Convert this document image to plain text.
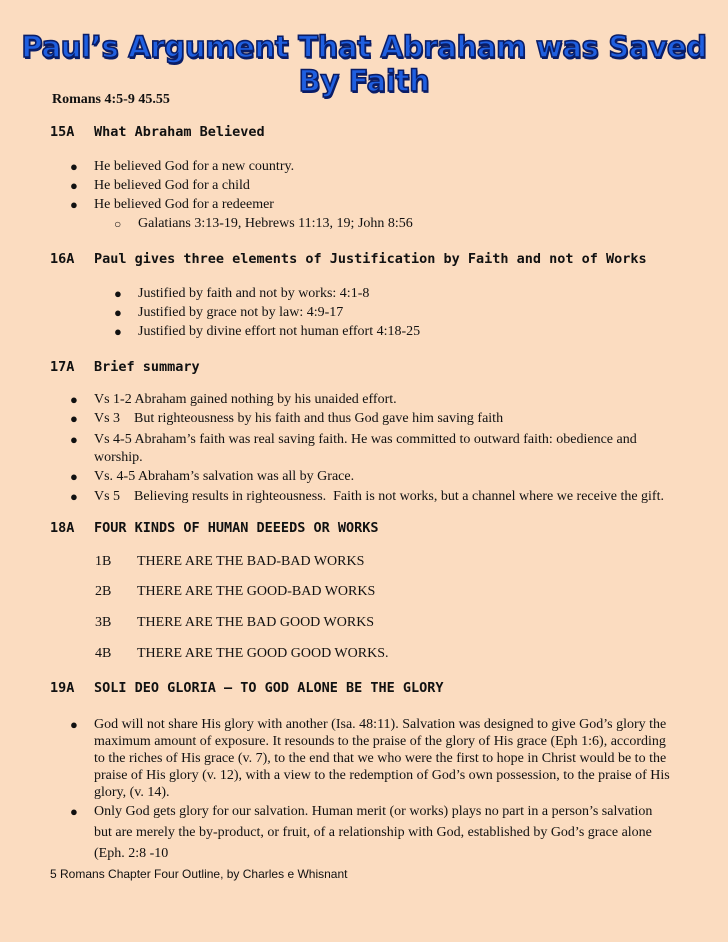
Paul’s Argument That Abraham was Saved By Faith
Romans 4:5-9 45.55
15A What Abraham Believed
● He believed God for a new country.
● He believed God for a child
● He believed God for a redeemer
○ Galatians 3:13-19, Hebrews 11:13, 19; John 8:56
16A Paul gives three elements of Justification by Faith and not of Works
● Justified by faith and not by works: 4:1-8
● Justified by grace not by law: 4:9-17
● Justified by divine effort not human effort 4:18-25
17A Brief summary
● Vs 1-2 Abraham gained nothing by his unaided effort.
● Vs 3    But righteousness by his faith and thus God gave him saving faith
● Vs 4-5 Abraham’s faith was real saving faith. He was committed to outward faith: obedience and
worship.
● Vs. 4-5 Abraham’s salvation was all by Grace.
● Vs 5    Believing results in righteousness.  Faith is not works, but a channel where we receive the gift.
18A FOUR KINDS OF HUMAN DEEEDS OR WORKS
1B THERE ARE THE BAD-BAD WORKS
2B THERE ARE THE GOOD-BAD WORKS
3B THERE ARE THE BAD GOOD WORKS
4B THERE ARE THE GOOD GOOD WORKS.
19A SOLI DEO GLORIA – TO GOD ALONE BE THE GLORY
● God will not share His glory with another (Isa. 48:11). Salvation was designed to give God’s glory the
maximum amount of exposure. It resounds to the praise of the glory of His grace (Eph 1:6), according
to the riches of His grace (v. 7), to the end that we who were the first to hope in Christ would be to the
praise of His glory (v. 12), with a view to the redemption of God’s own possession, to the praise of His
glory, (v. 14).
● Only God gets glory for our salvation. Human merit (or works) plays no part in a person’s salvation
but are merely the by-product, or fruit, of a relationship with God, established by God’s grace alone
(Eph. 2:8 -10
5 Romans Chapter Four Outline, by Charles e Whisnant
